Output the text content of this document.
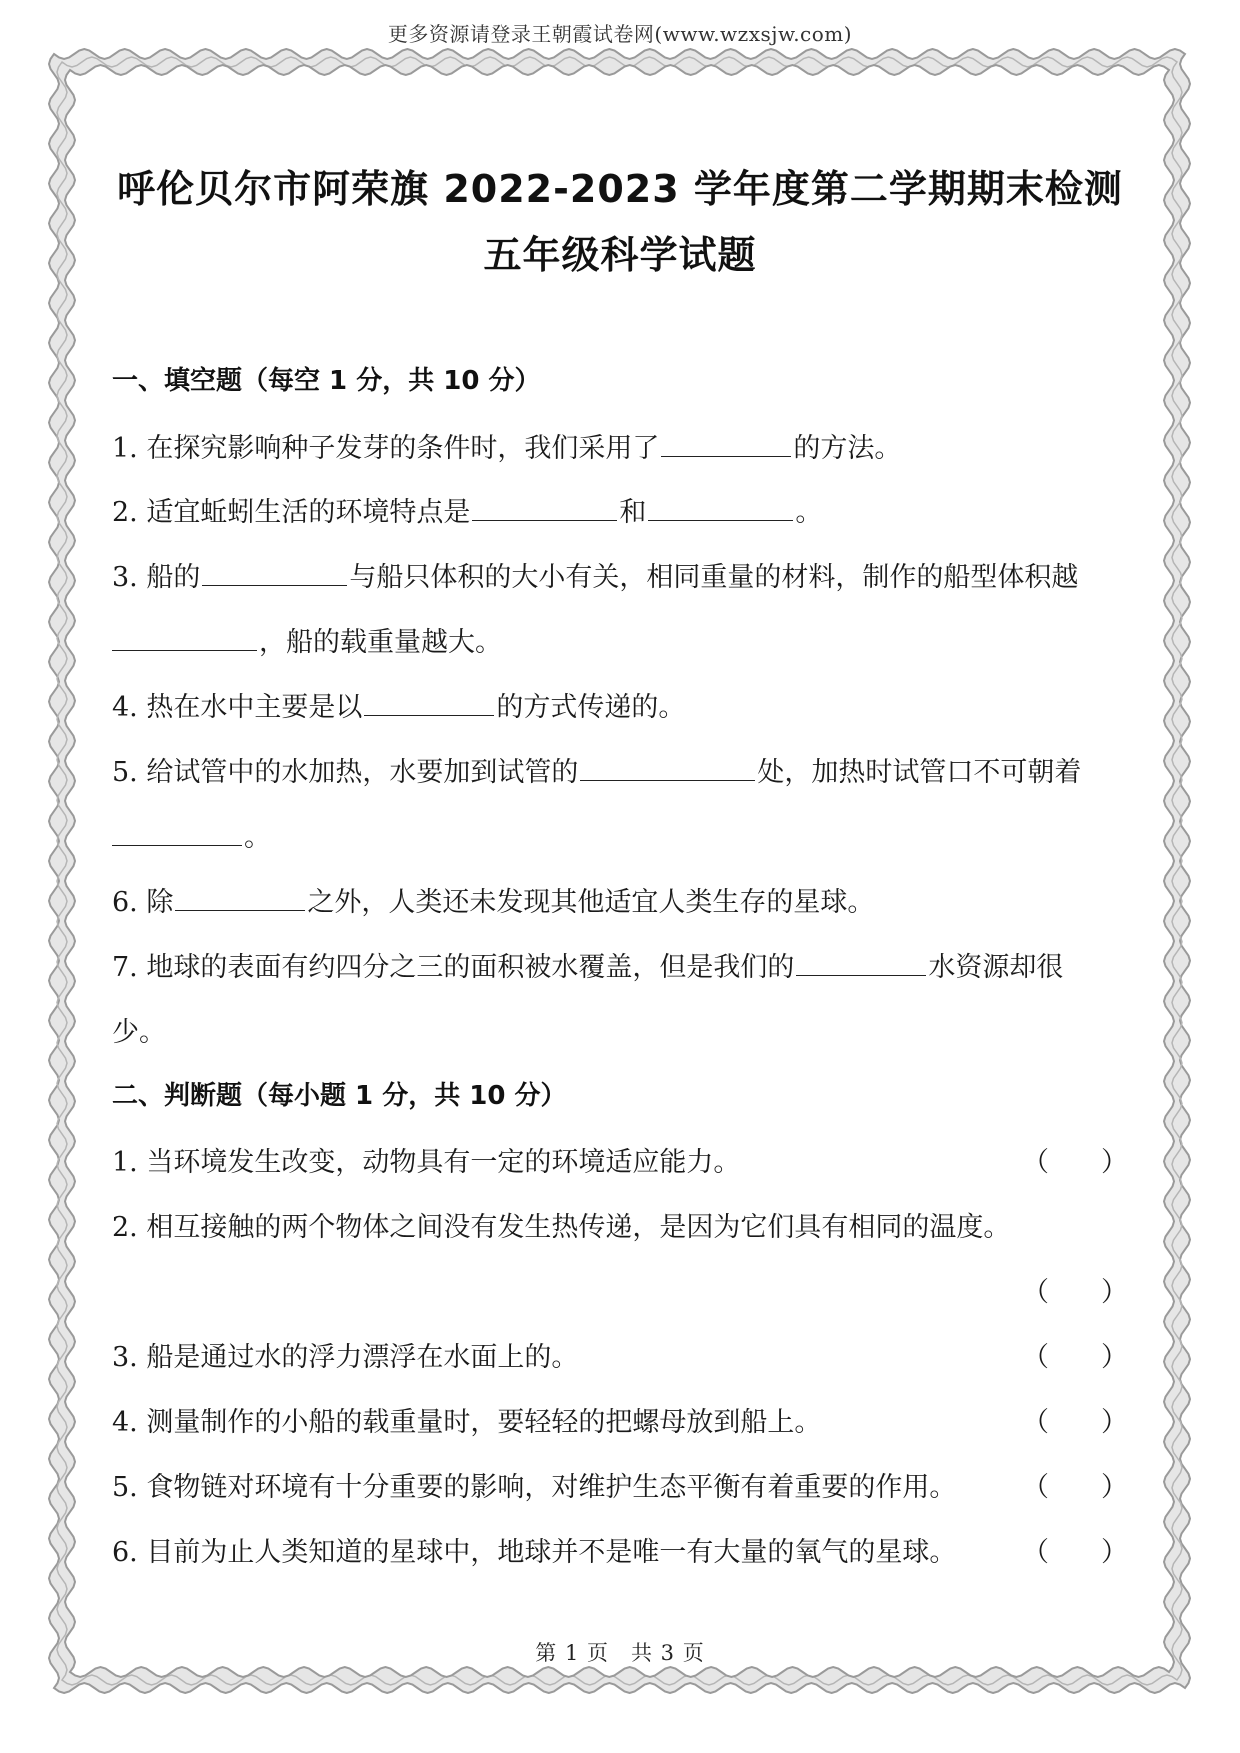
更多资源请登录王朝霞试卷网(www.wzxsjw.com)
呼伦贝尔市阿荣旗 2022-2023 学年度第二学期期末检测
五年级科学试题
一、填空题（每空 1 分，共 10 分）
1. 在探究影响种子发芽的条件时，我们采用了	的方法。
2. 适宜蚯蚓生活的环境特点是	和	。
3. 船的	与船只体积的大小有关，相同重量的材料，制作的船型体积越
，船的载重量越大。
4. 热在水中主要是以	的方式传递的。
5. 给试管中的水加热，水要加到试管的	处，加热时试管口不可朝着
。
6. 除	之外，人类还未发现其他适宜人类生存的星球。
7. 地球的表面有约四分之三的面积被水覆盖，但是我们的	水资源却很
少。
二、判断题（每小题 1 分，共 10 分）
1. 当环境发生改变，动物具有一定的环境适应能力。	（ ）
2. 相互接触的两个物体之间没有发生热传递，是因为它们具有相同的温度。
（ ）
3. 船是通过水的浮力漂浮在水面上的。	（ ）
4. 测量制作的小船的载重量时，要轻轻的把螺母放到船上。	（ ）
5. 食物链对环境有十分重要的影响，对维护生态平衡有着重要的作用。 （ ）
6. 目前为止人类知道的星球中，地球并不是唯一有大量的氧气的星球。 （ ）
第 1 页　共 3 页
